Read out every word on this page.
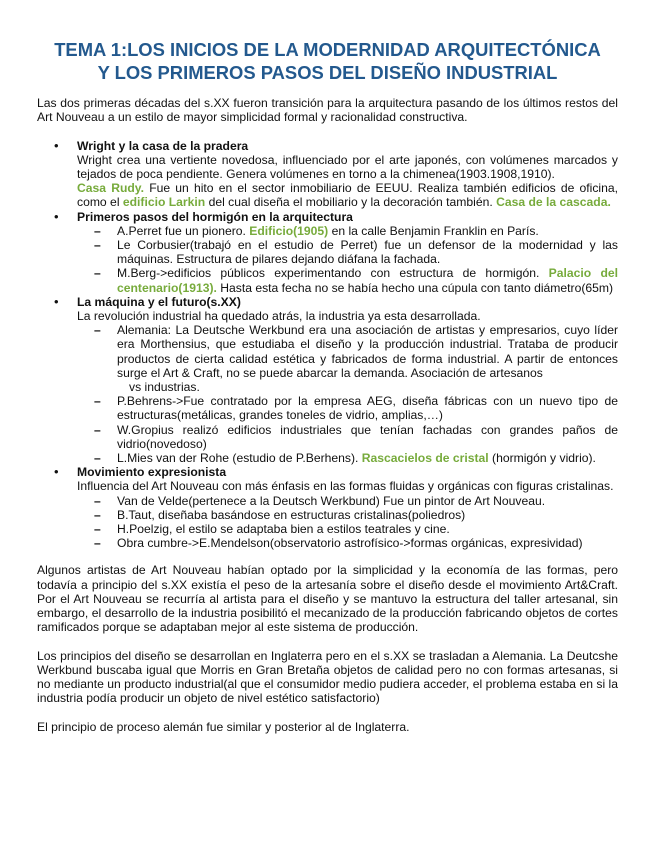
TEMA 1:LOS INICIOS DE LA MODERNIDAD ARQUITECTÓNICA
Y LOS PRIMEROS PASOS DEL DISEÑO INDUSTRIAL

Las dos primeras décadas del s.XX fueron transición para la arquitectura pasando de los últimos restos del Art Nouveau a un estilo de mayor simplicidad formal y racionalidad constructiva.

• Wright y la casa de la pradera

Wright crea una vertiente novedosa, influenciado por el arte japonés, con volúmenes marcados y tejados de poca pendiente. Genera volúmenes en torno a la chimenea(1903.1908,1910).
Casa Rudy. Fue un hito en el sector inmobiliario de EEUU. Realiza también edificios de oficina, como el edificio Larkin del cual diseña el mobiliario y la decoración también. Casa de la cascada.

• Primeros pasos del hormigón en la arquitectura

– A.Perret fue un pionero. Edificio(1905) en la calle Benjamin Franklin en París.
– Le Corbusier(trabajó en el estudio de Perret) fue un defensor de la modernidad y las máquinas. Estructura de pilares dejando diáfana la fachada.
– M.Berg->edificios públicos experimentando con estructura de hormigón. Palacio del centenario(1913). Hasta esta fecha no se había hecho una cúpula con tanto diámetro(65m)
• La máquina y el futuro(s.XX)

La revolución industrial ha quedado atrás, la industria ya esta desarrollada.

– Alemania: La Deutsche Werkbund era una asociación de artistas y empresarios, cuyo líder era Morthensius, que estudiaba el diseño y la producción industrial. Trataba de producir productos de cierta calidad estética y fabricados de forma industrial. A partir de entonces surge el Art & Craft, no se puede abarcar la demanda. Asociación de artesanos
vs industrias.
– P.Behrens->Fue contratado por la empresa AEG, diseña fábricas con un nuevo tipo de estructuras(metálicas, grandes toneles de vidrio, amplias,…)
– W.Gropius realizó edificios industriales que tenían fachadas con grandes paños de vidrio(novedoso)
– L.Mies van der Rohe (estudio de P.Berhens). Rascacielos de cristal (hormigón y vidrio).
• Movimiento expresionista

Influencia del Art Nouveau con más énfasis en las formas fluidas y orgánicas con figuras cristalinas.

– Van de Velde(pertenece a la Deutsch Werkbund) Fue un pintor de Art Nouveau.
– B.Taut, diseñaba basándose en estructuras cristalinas(poliedros)
– H.Poelzig, el estilo se adaptaba bien a estilos teatrales y cine.
– Obra cumbre->E.Mendelson(observatorio astrofísico->formas orgánicas, expresividad)

Algunos artistas de Art Nouveau habían optado por la simplicidad y la economía de las formas, pero todavía a principio del s.XX existía el peso de la artesanía sobre el diseño desde el movimiento Art&Craft. Por el Art Nouveau se recurría al artista para el diseño y se mantuvo la estructura del taller artesanal, sin embargo, el desarrollo de la industria posibilitó el mecanizado de la producción fabricando objetos de cortes ramificados porque se adaptaban mejor al este sistema de producción.

Los principios del diseño se desarrollan en Inglaterra pero en el s.XX se trasladan a Alemania. La Deutcshe Werkbund buscaba igual que Morris en Gran Bretaña objetos de calidad pero no con formas artesanas, si no mediante un producto industrial(al que el consumidor medio pudiera acceder, el problema estaba en si la industria podía producir un objeto de nivel estético satisfactorio)

El principio de proceso alemán fue similar y posterior al de Inglaterra.
